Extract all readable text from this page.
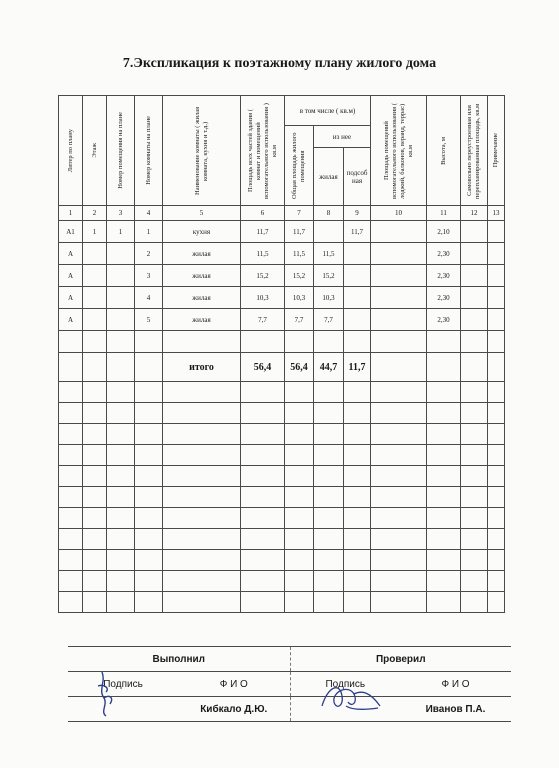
7.Экспликация к поэтажному плану жилого дома
Литер по плану	Этаж	Номер помещения на плане	Номер комнаты на плане	Наименование комнаты ( жилая комната, кухня и т.д.)	Площадь всех частей здания ( комнат и помещений вспомогательного использования ) кв.м	в том числе ( кв.м)			Площадь помещений вспомогательного использования ( лоджий, балконов, веранд, террас) кв.м	Высота, м	Самовольно переустроенная или перепланированная площадь, кв.м	Примечание

						Общая площадь жилого помещения	из нее					
							жилая	подсоб ная				
1	2	3	4	5	6	7	8	9	10	11	12	13
А1	1	1	1	кухня	11,7	11,7		11,7		2,10		
А			2	жилая	11,5	11,5	11,5			2,30		
А			3	жилая	15,2	15,2	15,2			2,30		
А			4	жилая	10,3	10,3	10,3			2,30		
А			5	жилая	7,7	7,7	7,7			2,30		

				итого	56,4	56,4	44,7	11,7				

Выполнил		Проверил	
Подпись	Ф И О	Подпись	Ф И О
	Кибкало Д.Ю.		Иванов П.А.
